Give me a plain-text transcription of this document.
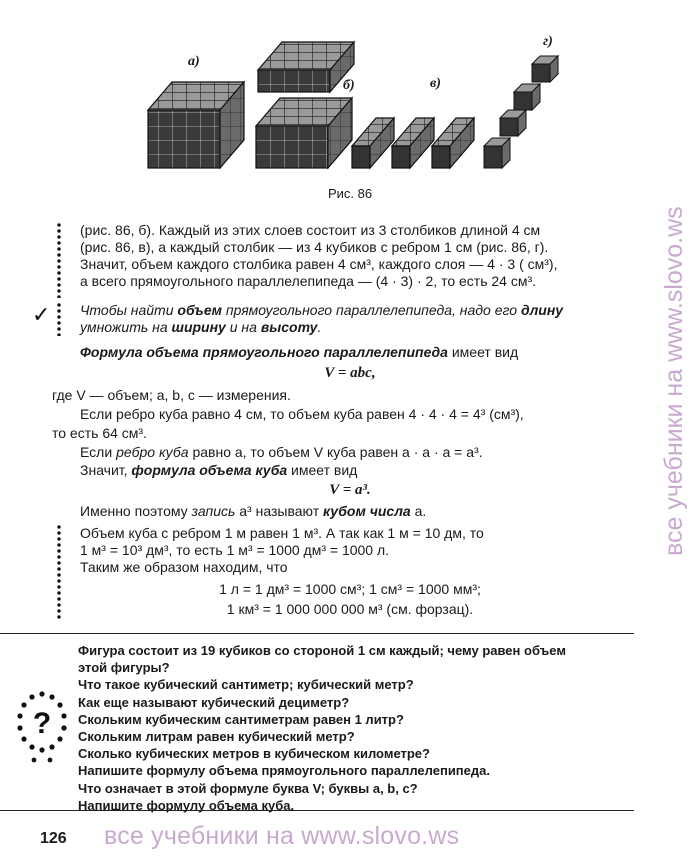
а)
б)	в)
г)
Рис. 86
(рис. 86, б). Каждый из этих слоев состоит из 3 столбиков длиной 4 см
(рис. 86, в), а каждый столбик — из 4 кубиков с ребром 1 см (рис. 86, г).
Значит, объем каждого столбика равен 4 см³, каждого слоя — 4 · 3 ( см³),
а всего прямоугольного параллелепипеда — (4 · 3) · 2, то есть 24 см³.
✓ Чтобы найти объем прямоугольного параллелепипеда, надо его длину
умножить на ширину и на высоту.
Формула объема прямоугольного параллелепипеда имеет вид
V = abc,
где V — объем; a, b, c — измерения.
Если ребро куба равно 4 см, то объем куба равен 4 · 4 · 4 = 4³ (см³),
то есть 64 см³.
Если ребро куба равно a, то объем V куба равен a · a · a = a³.
Значит, формула объема куба имеет вид
V = a³.
Именно поэтому запись a³ называют кубом числа a.
Объем куба с ребром 1 м равен 1 м³. А так как 1 м = 10 дм, то
1 м³ = 10³ дм³, то есть 1 м³ = 1000 дм³ = 1000 л.
Таким же образом находим, что
1 л = 1 дм³ = 1000 см³; 1 см³ = 1000 мм³;
1 км³ = 1 000 000 000 м³ (см. форзац).
?
Фигура состоит из 19 кубиков со стороной 1 см каждый; чему равен объем
этой фигуры?
Что такое кубический сантиметр; кубический метр?
Как еще называют кубический дециметр?
Скольким кубическим сантиметрам равен 1 литр?
Скольким литрам равен кубический метр?
Сколько кубических метров в кубическом километре?
Напишите формулу объема прямоугольного параллелепипеда.
Что означает в этой формуле буква V; буквы a, b, c?
Напишите формулу объема куба.
126 все учебники на www.slovo.ws
все учебники на www.slovo.ws
